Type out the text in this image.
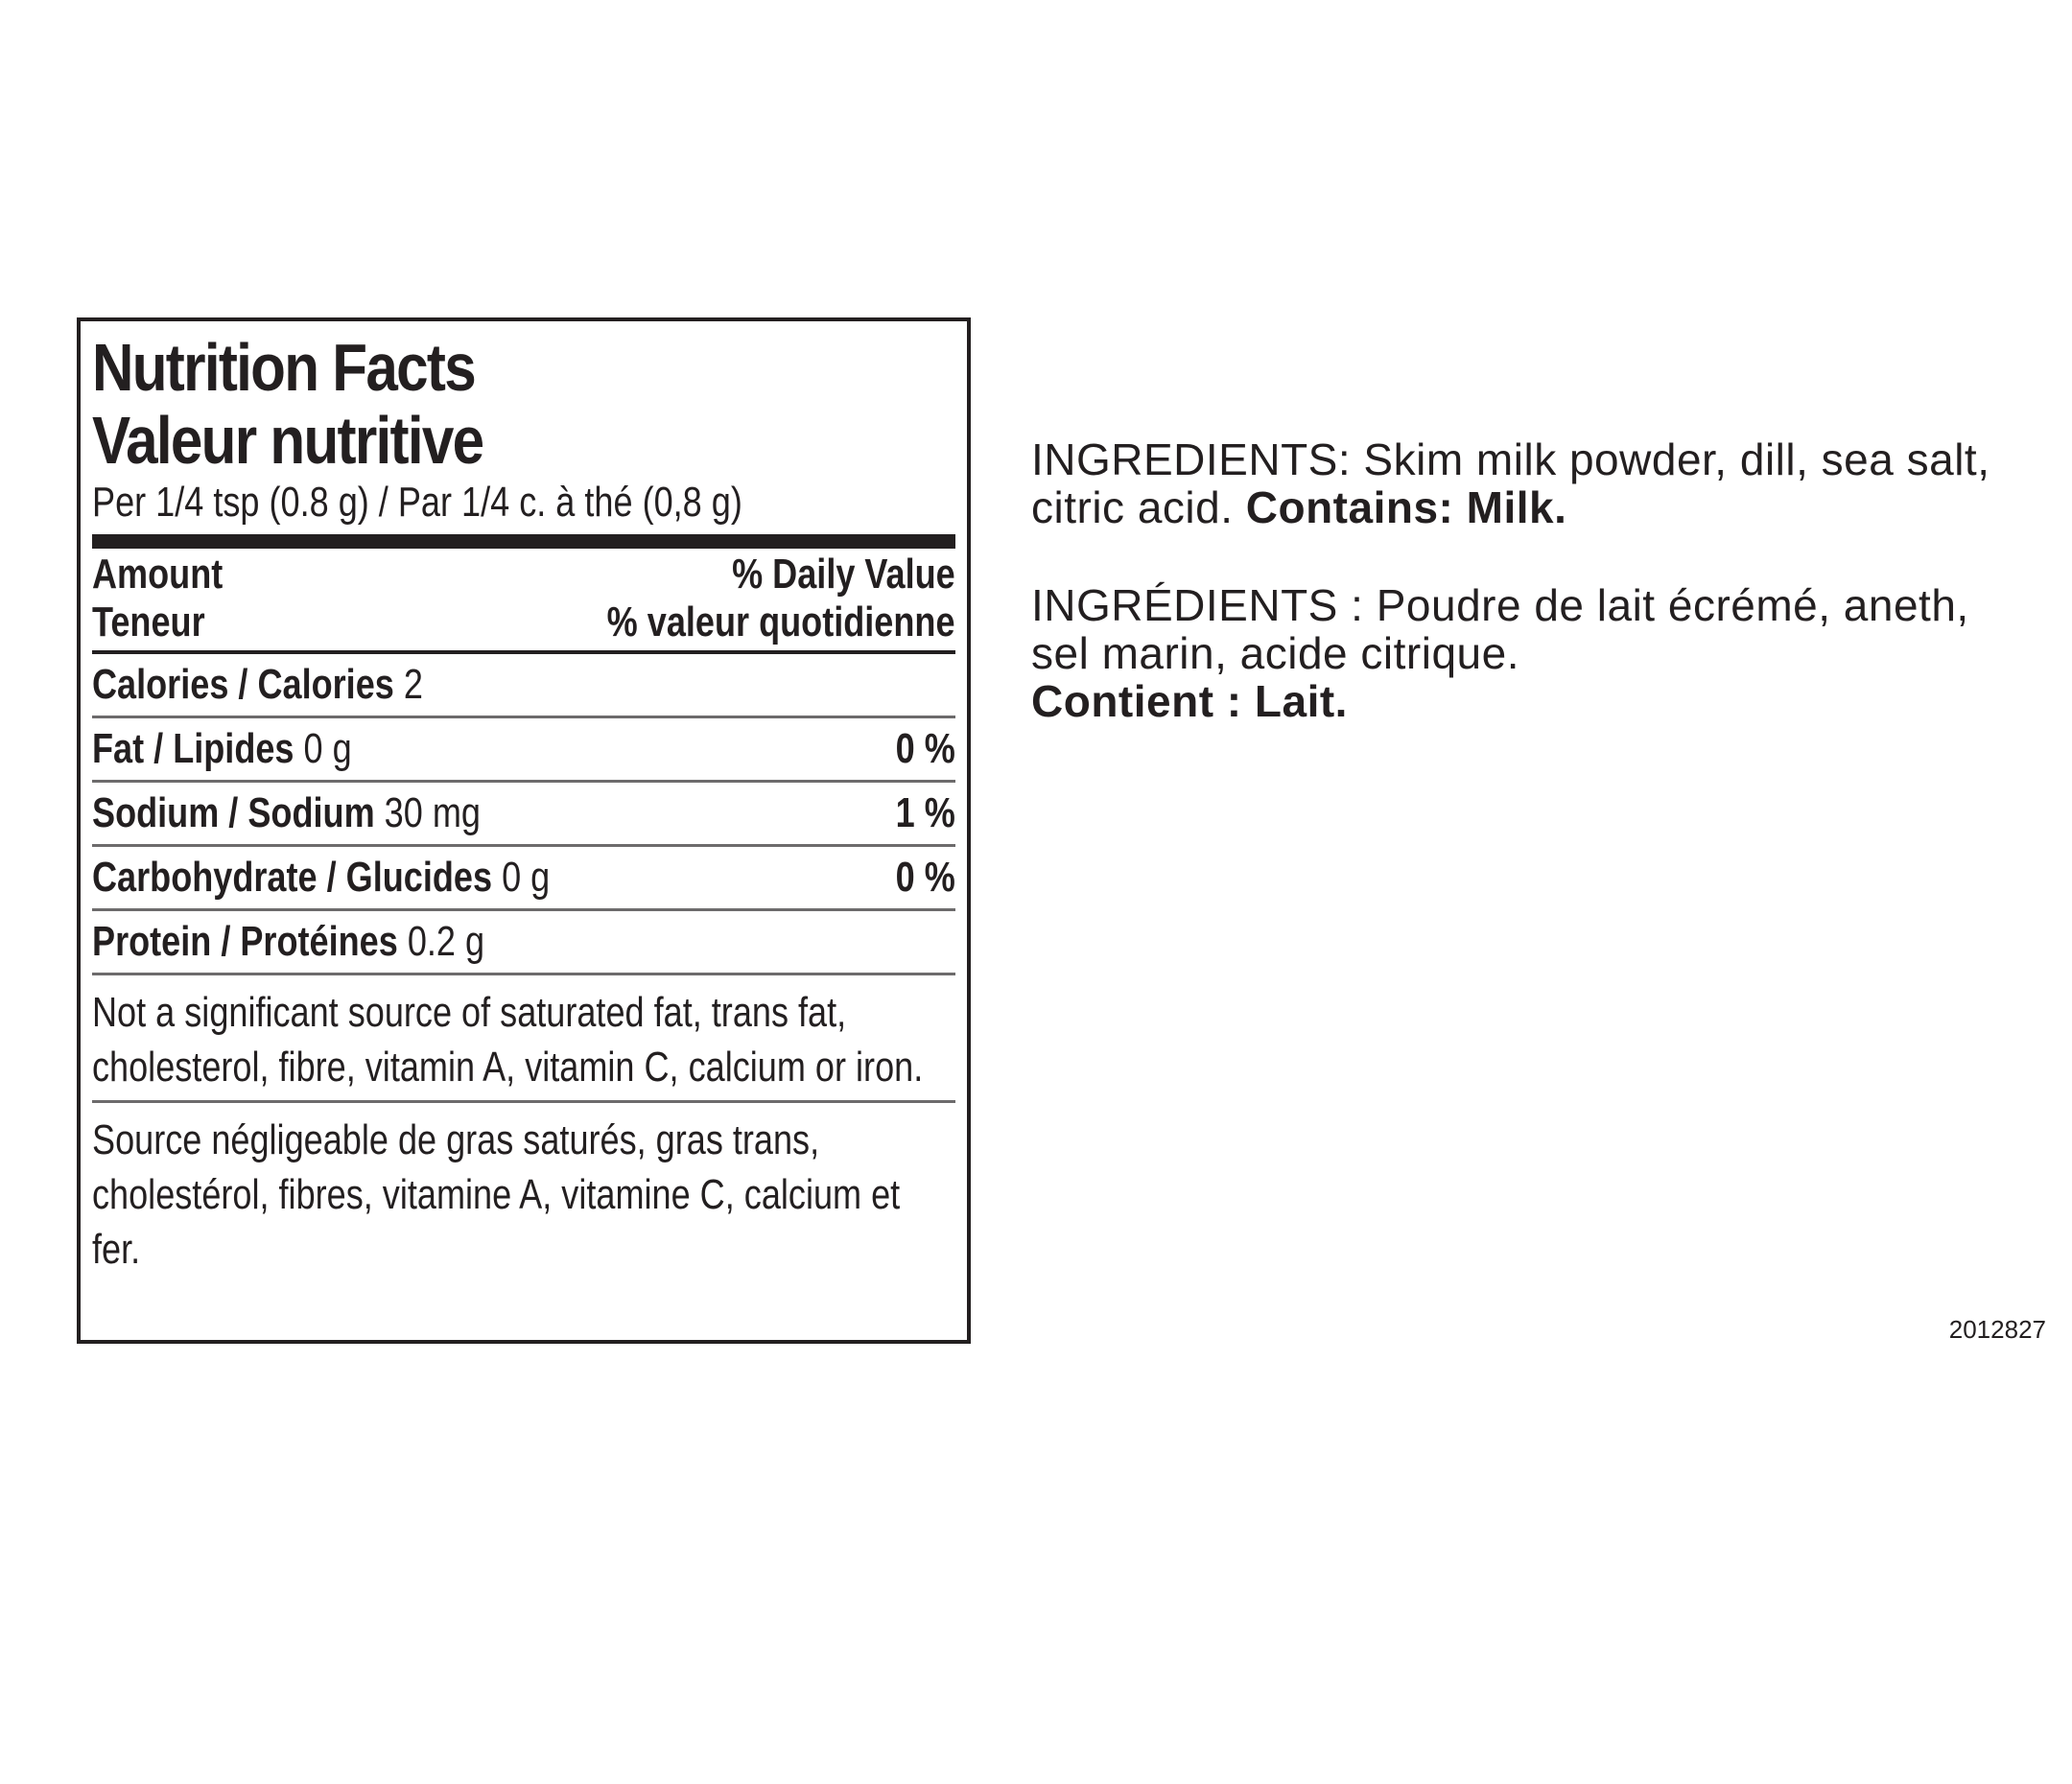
Nutrition Facts
Valeur nutritive
Per 1/4 tsp (0.8 g) / Par 1/4 c. à thé (0,8 g)
Amount	% Daily Value
Teneur	% valeur quotidienne
Calories / Calories 2
Fat / Lipides 0 g	0 %
Sodium / Sodium 30 mg	1 %
Carbohydrate / Glucides 0 g	0 %
Protein / Protéines 0.2 g
Not a significant source of saturated fat, trans fat, cholesterol, fibre, vitamin A, vitamin C, calcium or iron.
Source négligeable de gras saturés, gras trans, cholestérol, fibres, vitamine A, vitamine C, calcium et fer.
INGREDIENTS: Skim milk powder, dill, sea salt, citric acid. Contains: Milk.
INGRÉDIENTS : Poudre de lait écrémé, aneth, sel marin, acide citrique.
Contient : Lait.
2012827
